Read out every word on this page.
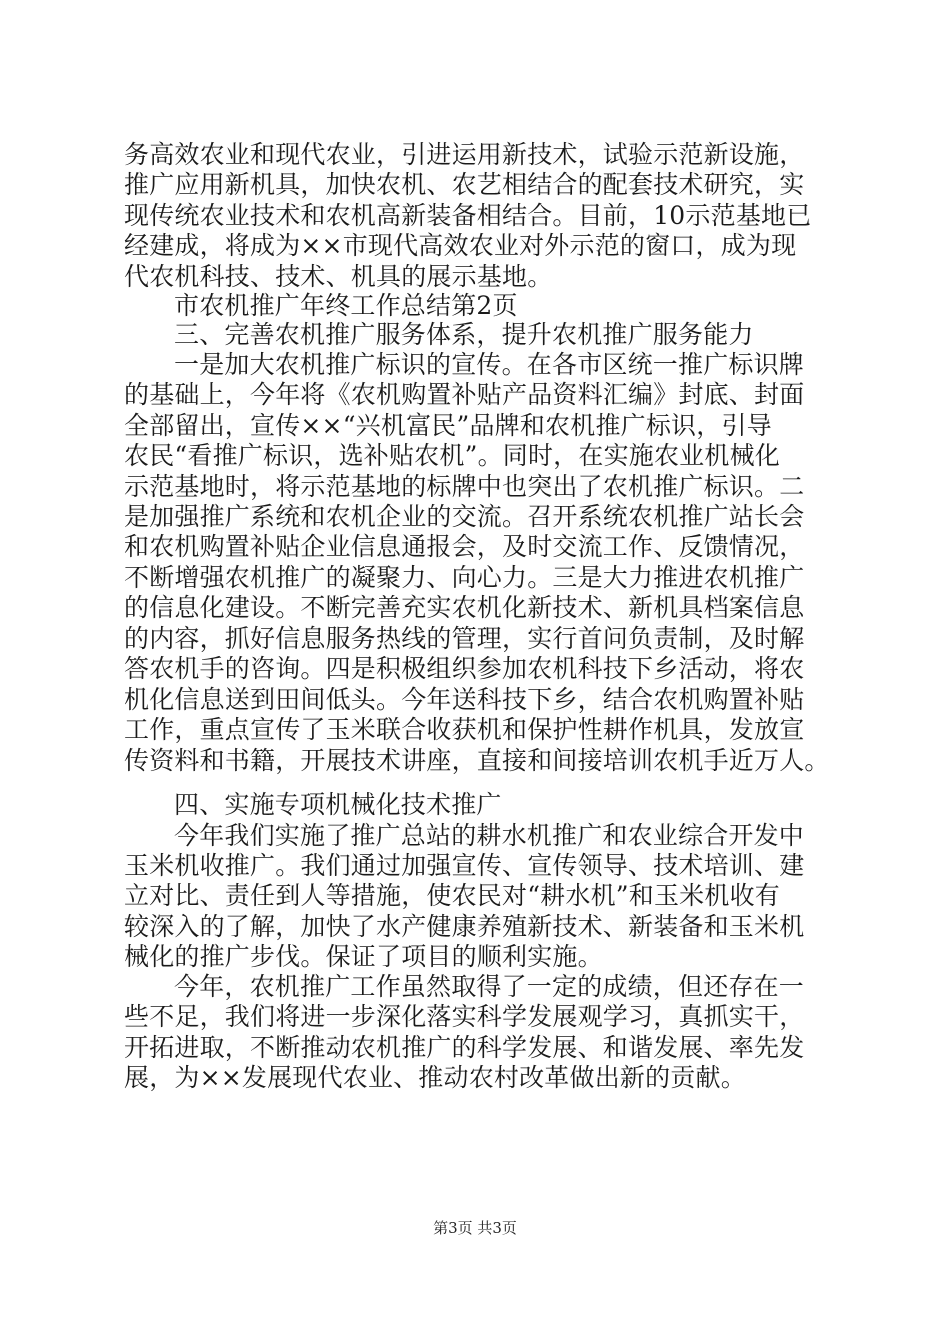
务高效农业和现代农业，引进运用新技术，试验示范新设施，
推广应用新机具，加快农机、农艺相结合的配套技术研究，实
现传统农业技术和农机高新装备相结合。目前，10示范基地已
经建成，将成为××市现代高效农业对外示范的窗口，成为现
代农机科技、技术、机具的展示基地。
市农机推广年终工作总结第2页
三、完善农机推广服务体系，提升农机推广服务能力
一是加大农机推广标识的宣传。在各市区统一推广标识牌
的基础上，今年将《农机购置补贴产品资料汇编》封底、封面
全部留出，宣传××“兴机富民”品牌和农机推广标识，引导
农民“看推广标识，选补贴农机”。同时，在实施农业机械化
示范基地时，将示范基地的标牌中也突出了农机推广标识。二
是加强推广系统和农机企业的交流。召开系统农机推广站长会
和农机购置补贴企业信息通报会，及时交流工作、反馈情况，
不断增强农机推广的凝聚力、向心力。三是大力推进农机推广
的信息化建设。不断完善充实农机化新技术、新机具档案信息
的内容，抓好信息服务热线的管理，实行首问负责制，及时解
答农机手的咨询。四是积极组织参加农机科技下乡活动，将农
机化信息送到田间低头。今年送科技下乡，结合农机购置补贴
工作，重点宣传了玉米联合收获机和保护性耕作机具，发放宣
传资料和书籍，开展技术讲座，直接和间接培训农机手近万人。
四、实施专项机械化技术推广
今年我们实施了推广总站的耕水机推广和农业综合开发中
玉米机收推广。我们通过加强宣传、宣传领导、技术培训、建
立对比、责任到人等措施，使农民对“耕水机”和玉米机收有
较深入的了解，加快了水产健康养殖新技术、新装备和玉米机
械化的推广步伐。保证了项目的顺利实施。
今年，农机推广工作虽然取得了一定的成绩，但还存在一
些不足，我们将进一步深化落实科学发展观学习，真抓实干，
开拓进取，不断推动农机推广的科学发展、和谐发展、率先发
展，为××发展现代农业、推动农村改革做出新的贡献。
第3页 共3页
